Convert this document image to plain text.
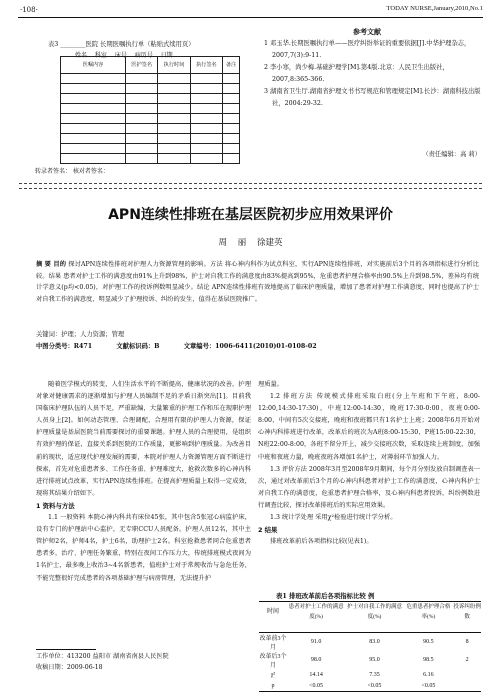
·108·	TODAY NURSE,January,2010,No.1
表3 ________医院 长期医嘱执行单（粘贴式续用页）
姓名 科室 床号 病历号 日期
医嘱内容	医护签名	执行时间	执行签名	备注

转录者签名： 核对者签名：
参考文献
1 邓玉华.长期医嘱执行单——医疗纠纷举证的重要依据[J].中华护理杂志，2007,7(3):9-11.
2 李小寒，尚少梅.基础护理学[M].第4版.北京：人民卫生出版社，2007,8:365-366.
3 湖南省卫生厅.湖南省护理文书书写规范和管理规定[M].长沙：湖南科技出版社，2004:29-32.
（责任编辑：高 莉）
APN连续性排班在基层医院初步应用效果评价
周 丽 徐建英
摘 要 目的 探讨APN连续性排班对护理人力资源管理的影响。方法 将心神内科作为试点科室，实行APN连续性排班，对实施前后3个月的各项指标进行分析比较。结果 患者对护士工作的满意度由91%上升到98%，护士对自我工作的满意度由83%提高到95%，危重患者护理合格率由90.5%上升到98.5%，差异均有统计学意义(p均<0.05)，对护理工作的投诉例数明显减少。结论 APN连续性排班有效地提高了临床护理质量，增加了患者对护理工作满意度，同时也提高了护士对自我工作的满意度，明显减少了护理投诉、纠纷的发生，值得在基层医院推广。
关键词：护理；人力资源；管理
中图分类号：R471	文献标识码：B	文章编号：1006-6411(2010)01-0108-02

随着医学模式的转变，人们生活水平的不断提高，健康状况的改善，护理对象对健康需求的逐渐增加与护理人员编制不足的矛盾日渐突出[1]。目前我国临床护理队伍的人员不足，严重缺编，大量繁重的护理工作和压在现职护理人员身上[2]。如何动态管理、合理调配，合理用有限的护理人力资源，保证护理质量是基层医院当前需要探讨的重要课题。护理人员的合理使用，是组织有效护理的保证，直接关系到医院的工作质量，更影响到护理质量。为改善目前的现状，适应现代护理发展的需要，本院对护理人力资源管理方面不断进行探索，首先对危重患者多、工作任务重、护理难度大，抢救次数多的心神内科进行排班试点改革，实行APN连续性排班。在提高护理质量上取得一定成效，现将其结果介绍如下。

1 资料与方法

1.1 一般资料 本院心神内科共有床位45张，其中包含5张冠心病监护床，设有专门的护理站中心监护，无专职CCU人员配备。护理人员12名，其中主管护师2名，护师4名，护士6名，助理护士2名。科室抢救患者同合危重患者患者多，治疗、护理任务繁重，特别在夜间工作压力大，传统排班模式夜间为1名护士，最多晚上收治3~4名新患者，值班护士对于常规收治与急危任务，不能完整很好完成患者的各项基础护理与病房管理，无法提升护

理质量。

1.2 排班方法 传统模式排班采取白班(分上午班和下午班，8:00-12:00,14:30-17:30)，中班12:00-14:30，晚班17:30-0:00，夜班0:00-8:00，中间有5次交接班，晚班和夜班都只有1名护士上班；2008年6月开始对心神内科排班进行改革，改革后的班次为A班8:00-15:30，P班15:00-22:30，N班22:00-8:00，各班不留分开上，减少交接班次数，采取连续上班制度，加强中班和夜班力量，晚班夜班各增加1名护士，对薄弱环节加强人力。

1.3 评价方法 2008年3月至2008年9月期间，每个月分别发放自制调查表一次，通过对改革前后3个月的心神内科患者对护士工作的满意度，心神内科护士对自我工作的满意度，危重患者护理合格率，及心神内科患者投诉，纠纷例数进行调查比较，探讨改革排班后的实际应用效果。

1.3 统计学处理 采用χ²检验进行统计学分析。

2 结果

排班改革前后各项指标比较(见表1)。

表1 排班改革前后各项指标比较 例
时间	患者对护士工作的满意度(%)	护士对自我工作的满意度(%)	危重患者护理合格率(%)	投诉纠纷例数

改革前3个月	91.0	83.0	90.5	8
改革后3个月	98.0	95.0	98.5	2
χ²	14.14	7.35	6.16	
p	<0.05	<0.05	<0.05	
工作单位：413200 益阳市 湖南省南县人民医院
收稿日期：2009-06-18
